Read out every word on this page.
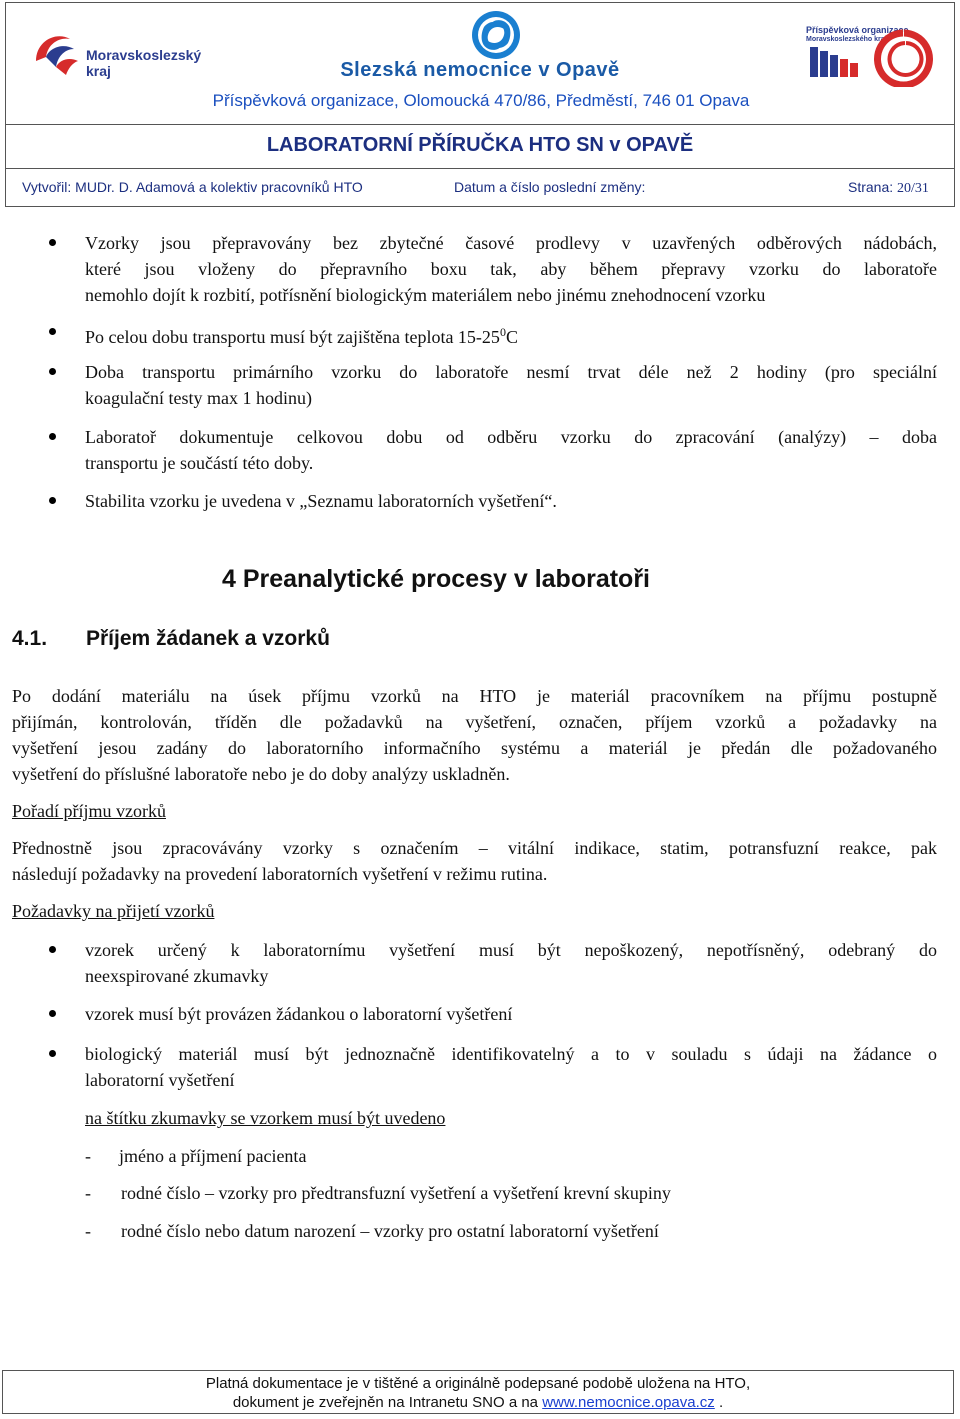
Moravskoslezský
kraj	Slezská nemocnice v Opavě
Příspěvková organizace, Olomoucká 470/86, Předměstí, 746 01 Opava
Příspěvková organizace
Moravskoslezského kraje
LABORATORNÍ PŘÍRUČKA HTO SN v OPAVĚ
Vytvořil: MUDr. D. Adamová a kolektiv pracovníků HTO	Datum a číslo poslední změny:	Strana: 20/31
Vzorky jsou přepravovány bez zbytečné časové prodlevy v uzavřených odběrových nádobách,
které jsou vloženy do přepravního boxu tak, aby během přepravy vzorku do laboratoře
nemohlo dojít k rozbití, potřísnění biologickým materiálem nebo jinému znehodnocení vzorku
Po celou dobu transportu musí být zajištěna teplota $15-25^0C$
Doba transportu primárního vzorku do laboratoře nesmí trvat déle než 2 hodiny (pro speciální
koagulační testy max 1 hodinu)
Laboratoř dokumentuje celkovou dobu od odběru vzorku do zpracování (analýzy) – doba
transportu je součástí této doby.
Stabilita vzorku je uvedena v „Seznamu laboratorních vyšetření“.
4 Preanalytické procesy v laboratoři
4.1. Příjem žádanek a vzorků
Po dodání materiálu na úsek příjmu vzorků na HTO je materiál pracovníkem na příjmu postupně
přijímán, kontrolován, tříděn dle požadavků na vyšetření, označen, příjem vzorků a požadavky na
vyšetření jesou zadány do laboratorního informačního systému a materiál je předán dle požadovaného
vyšetření do příslušné laboratoře nebo je do doby analýzy uskladněn.
Pořadí příjmu vzorků
Přednostně jsou zpracovávány vzorky s označením – vitální indikace, statim, potransfuzní reakce, pak
následují požadavky na provedení laboratorních vyšetření v režimu rutina.
Požadavky na přijetí vzorků
vzorek určený k laboratornímu vyšetření musí být nepoškozený, nepotřísněný, odebraný do
neexspirované zkumavky
vzorek musí být provázen žádankou o laboratorní vyšetření
biologický materiál musí být jednoznačně identifikovatelný a to v souladu s údaji na žádance o
laboratorní vyšetření
na štítku zkumavky se vzorkem musí být uvedeno
- jméno a příjmení pacienta
- rodné číslo – vzorky pro předtransfuzní vyšetření a vyšetření krevní skupiny
- rodné číslo nebo datum narození – vzorky pro ostatní laboratorní vyšetření
Platná dokumentace je v tištěné a originálně podepsané podobě uložena na HTO,
dokument je zveřejněn na Intranetu SNO a na www.nemocnice.opava.cz .
